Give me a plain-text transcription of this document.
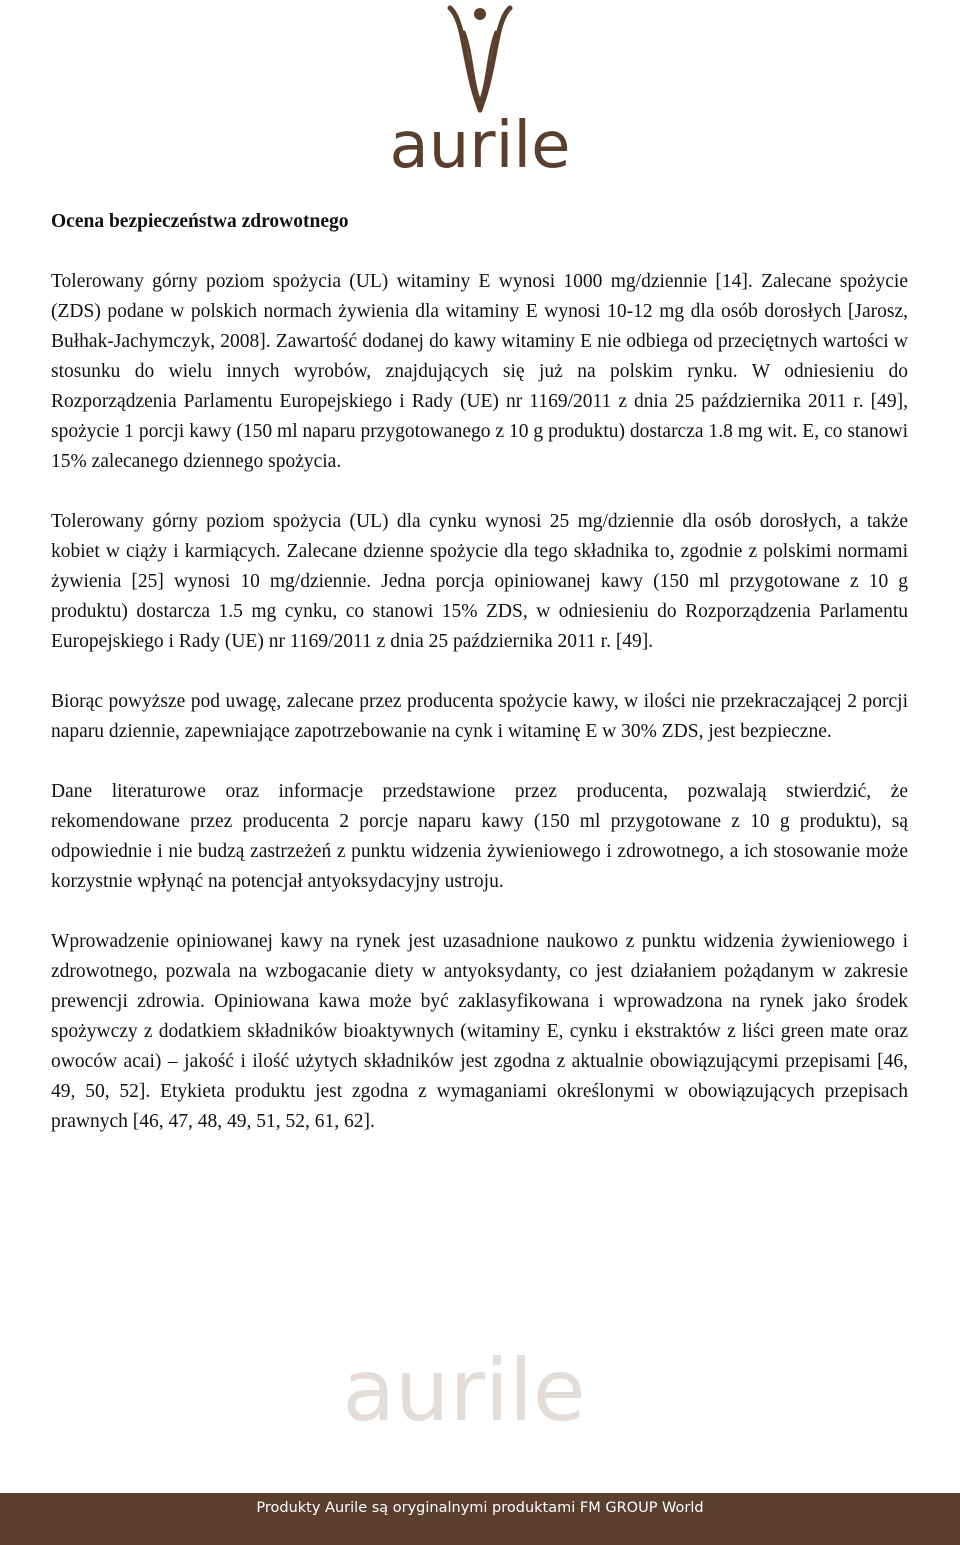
aurile
Ocena bezpieczeństwa zdrowotnego

Tolerowany górny poziom spożycia (UL) witaminy E wynosi 1000 mg/dziennie [14]. Zalecane spożycie (ZDS) podane w polskich normach żywienia dla witaminy E wynosi 10-12 mg dla osób dorosłych [Jarosz, Bułhak-Jachymczyk, 2008]. Zawartość dodanej do kawy witaminy E nie odbiega od przeciętnych wartości w stosunku do wielu innych wyrobów, znajdujących się już na polskim rynku. W odniesieniu do Rozporządzenia Parlamentu Europejskiego i Rady (UE) nr 1169/2011 z dnia 25 października 2011 r. [49], spożycie 1 porcji kawy (150 ml naparu przygotowanego z 10 g produktu) dostarcza 1.8 mg wit. E, co stanowi 15% zalecanego dziennego spożycia.

Tolerowany górny poziom spożycia (UL) dla cynku wynosi 25 mg/dziennie dla osób dorosłych, a także kobiet w ciąży i karmiących. Zalecane dzienne spożycie dla tego składnika to, zgodnie z polskimi normami żywienia [25] wynosi 10 mg/dziennie. Jedna porcja opiniowanej kawy (150 ml przygotowane z 10 g produktu) dostarcza 1.5 mg cynku, co stanowi 15% ZDS, w odniesieniu do Rozporządzenia Parlamentu Europejskiego i Rady (UE) nr 1169/2011 z dnia 25 października 2011 r. [49].

Biorąc powyższe pod uwagę, zalecane przez producenta spożycie kawy, w ilości nie przekraczającej 2 porcji naparu dziennie, zapewniające zapotrzebowanie na cynk i witaminę E w 30% ZDS, jest bezpieczne.

Dane literaturowe oraz informacje przedstawione przez producenta, pozwalają stwierdzić, że rekomendowane przez producenta 2 porcje naparu kawy (150 ml przygotowane z 10 g produktu), są odpowiednie i nie budzą zastrzeżeń z punktu widzenia żywieniowego i zdrowotnego, a ich stosowanie może korzystnie wpłynąć na potencjał antyoksydacyjny ustroju.

Wprowadzenie opiniowanej kawy na rynek jest uzasadnione naukowo z punktu widzenia żywieniowego i zdrowotnego, pozwala na wzbogacanie diety w antyoksydanty, co jest działaniem pożądanym w zakresie prewencji zdrowia. Opiniowana kawa może być zaklasyfikowana i wprowadzona na rynek jako środek spożywczy z dodatkiem składników bioaktywnych (witaminy E, cynku i ekstraktów z liści green mate oraz owoców acai) – jakość i ilość użytych składników jest zgodna z aktualnie obowiązującymi przepisami [46, 49, 50, 52]. Etykieta produktu jest zgodna z wymaganiami określonymi w obowiązujących przepisach prawnych [46, 47, 48, 49, 51, 52, 61, 62].

aurile
Produkty Aurile są oryginalnymi produktami FM GROUP World
